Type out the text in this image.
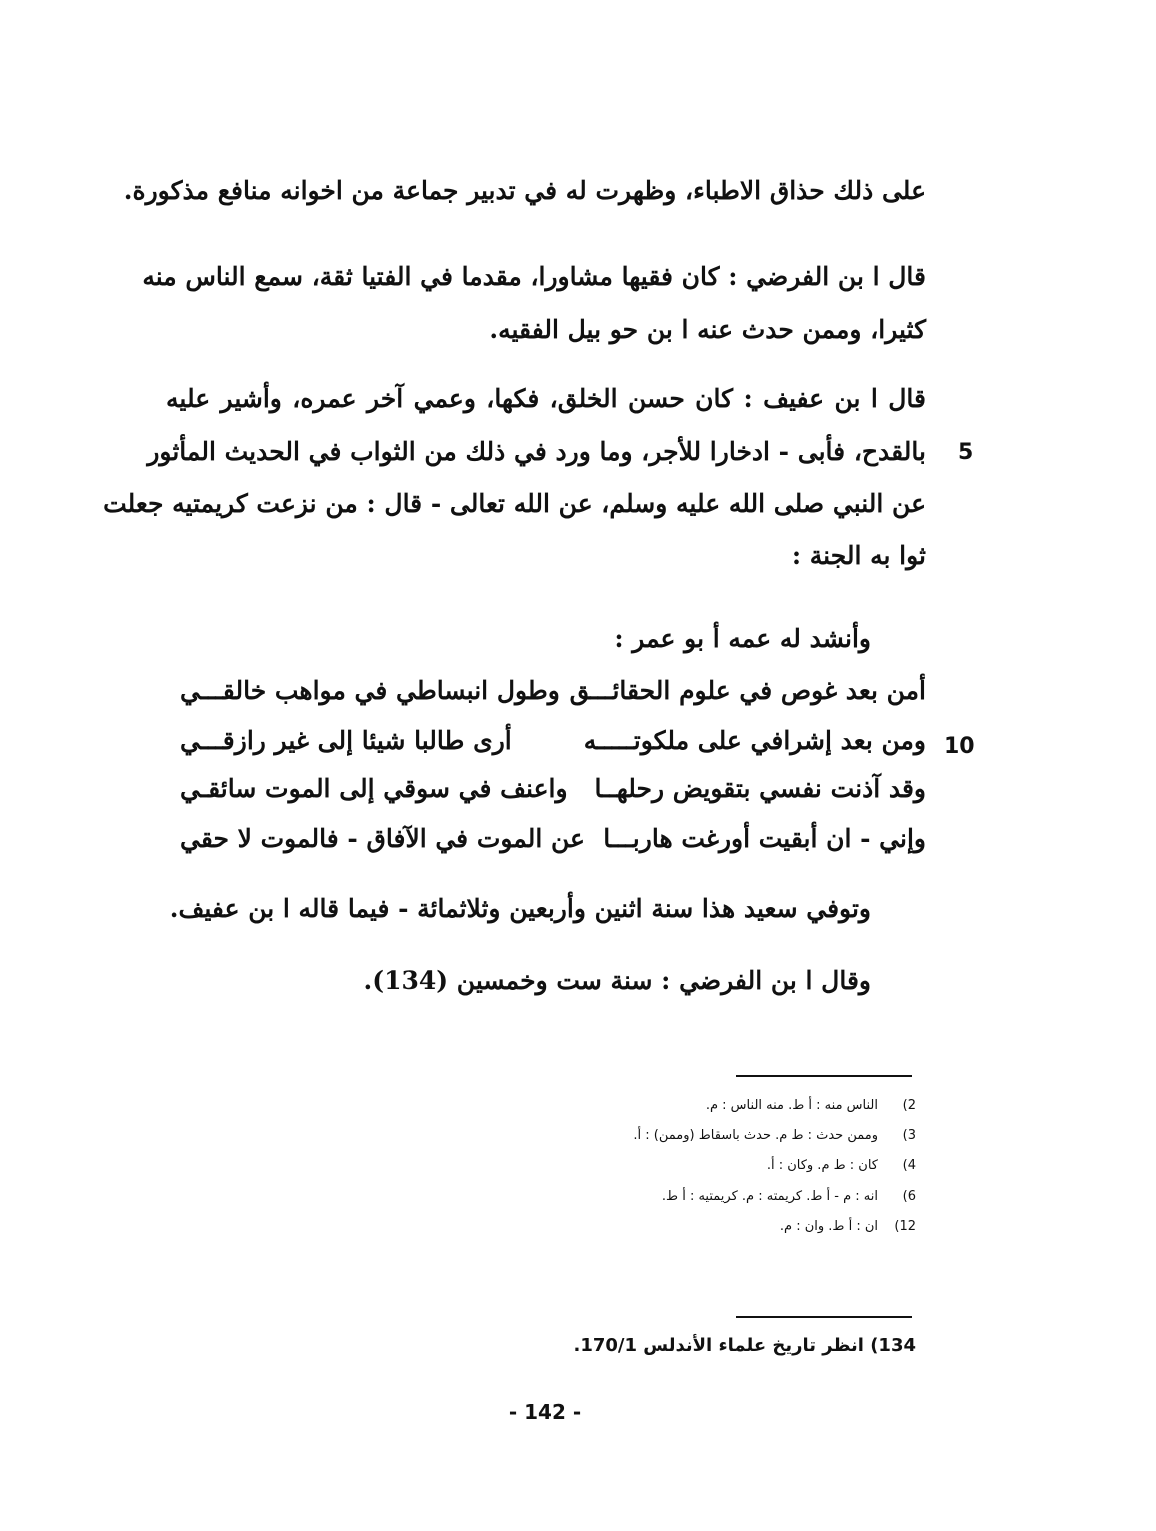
على ذلك حذاق الاطباء، وظهرت له في تدبير جماعة من اخوانه منافع مذكورة.
قال ا بن الفرضي : كان فقيها مشاورا، مقدما في الفتيا ثقة، سمع الناس منه
كثيرا، وممن حدث عنه ا بن حو بيل الفقيه.
قال ا بن عفيف : كان حسن الخلق، فكها، وعمي آخر عمره، وأشير عليه
بالقدح، فأبى - ادخارا للأجر، وما ورد في ذلك من الثواب في الحديث المأثور 5
عن النبي صلى الله عليه وسلم، عن الله تعالى - قال : من نزعت كريمتيه جعلت
ثوا به الجنة :
وأنشد له عمه أ بو عمر :
أمن بعد غوص في علوم الحقائـــق
وطول انبساطي في مواهب خالقـــي
ومن بعد إشرافي على ملكوتـــــه
أرى طالبا شيئا إلى غير رازقـــي	10
وقد آذنت نفسي بتقويض رحلهــا
واعنف في سوقي إلى الموت سائقـي
وإني - ان أبقيت أورغت هاربـــا
عن الموت في الآفاق - فالموت لا حقي
وتوفي سعيد هذا سنة اثنين وأربعين وثلاثمائة - فيما قاله ا بن عفيف.
وقال ا بن الفرضي : سنة ست وخمسين (134).
2)الناس منه : أ ط. منه الناس : م.
3)وممن حدث : ط م. حدث باسقاط (وممن) : أ.
4)كان : ط م. وكان : أ.
6)انه : م - أ ط. كريمته : م. كريمتيه : أ ط.
12)ان : أ ط. وان : م.
134) انظر تاريخ علماء الأندلس 170/1.
- 142 -
